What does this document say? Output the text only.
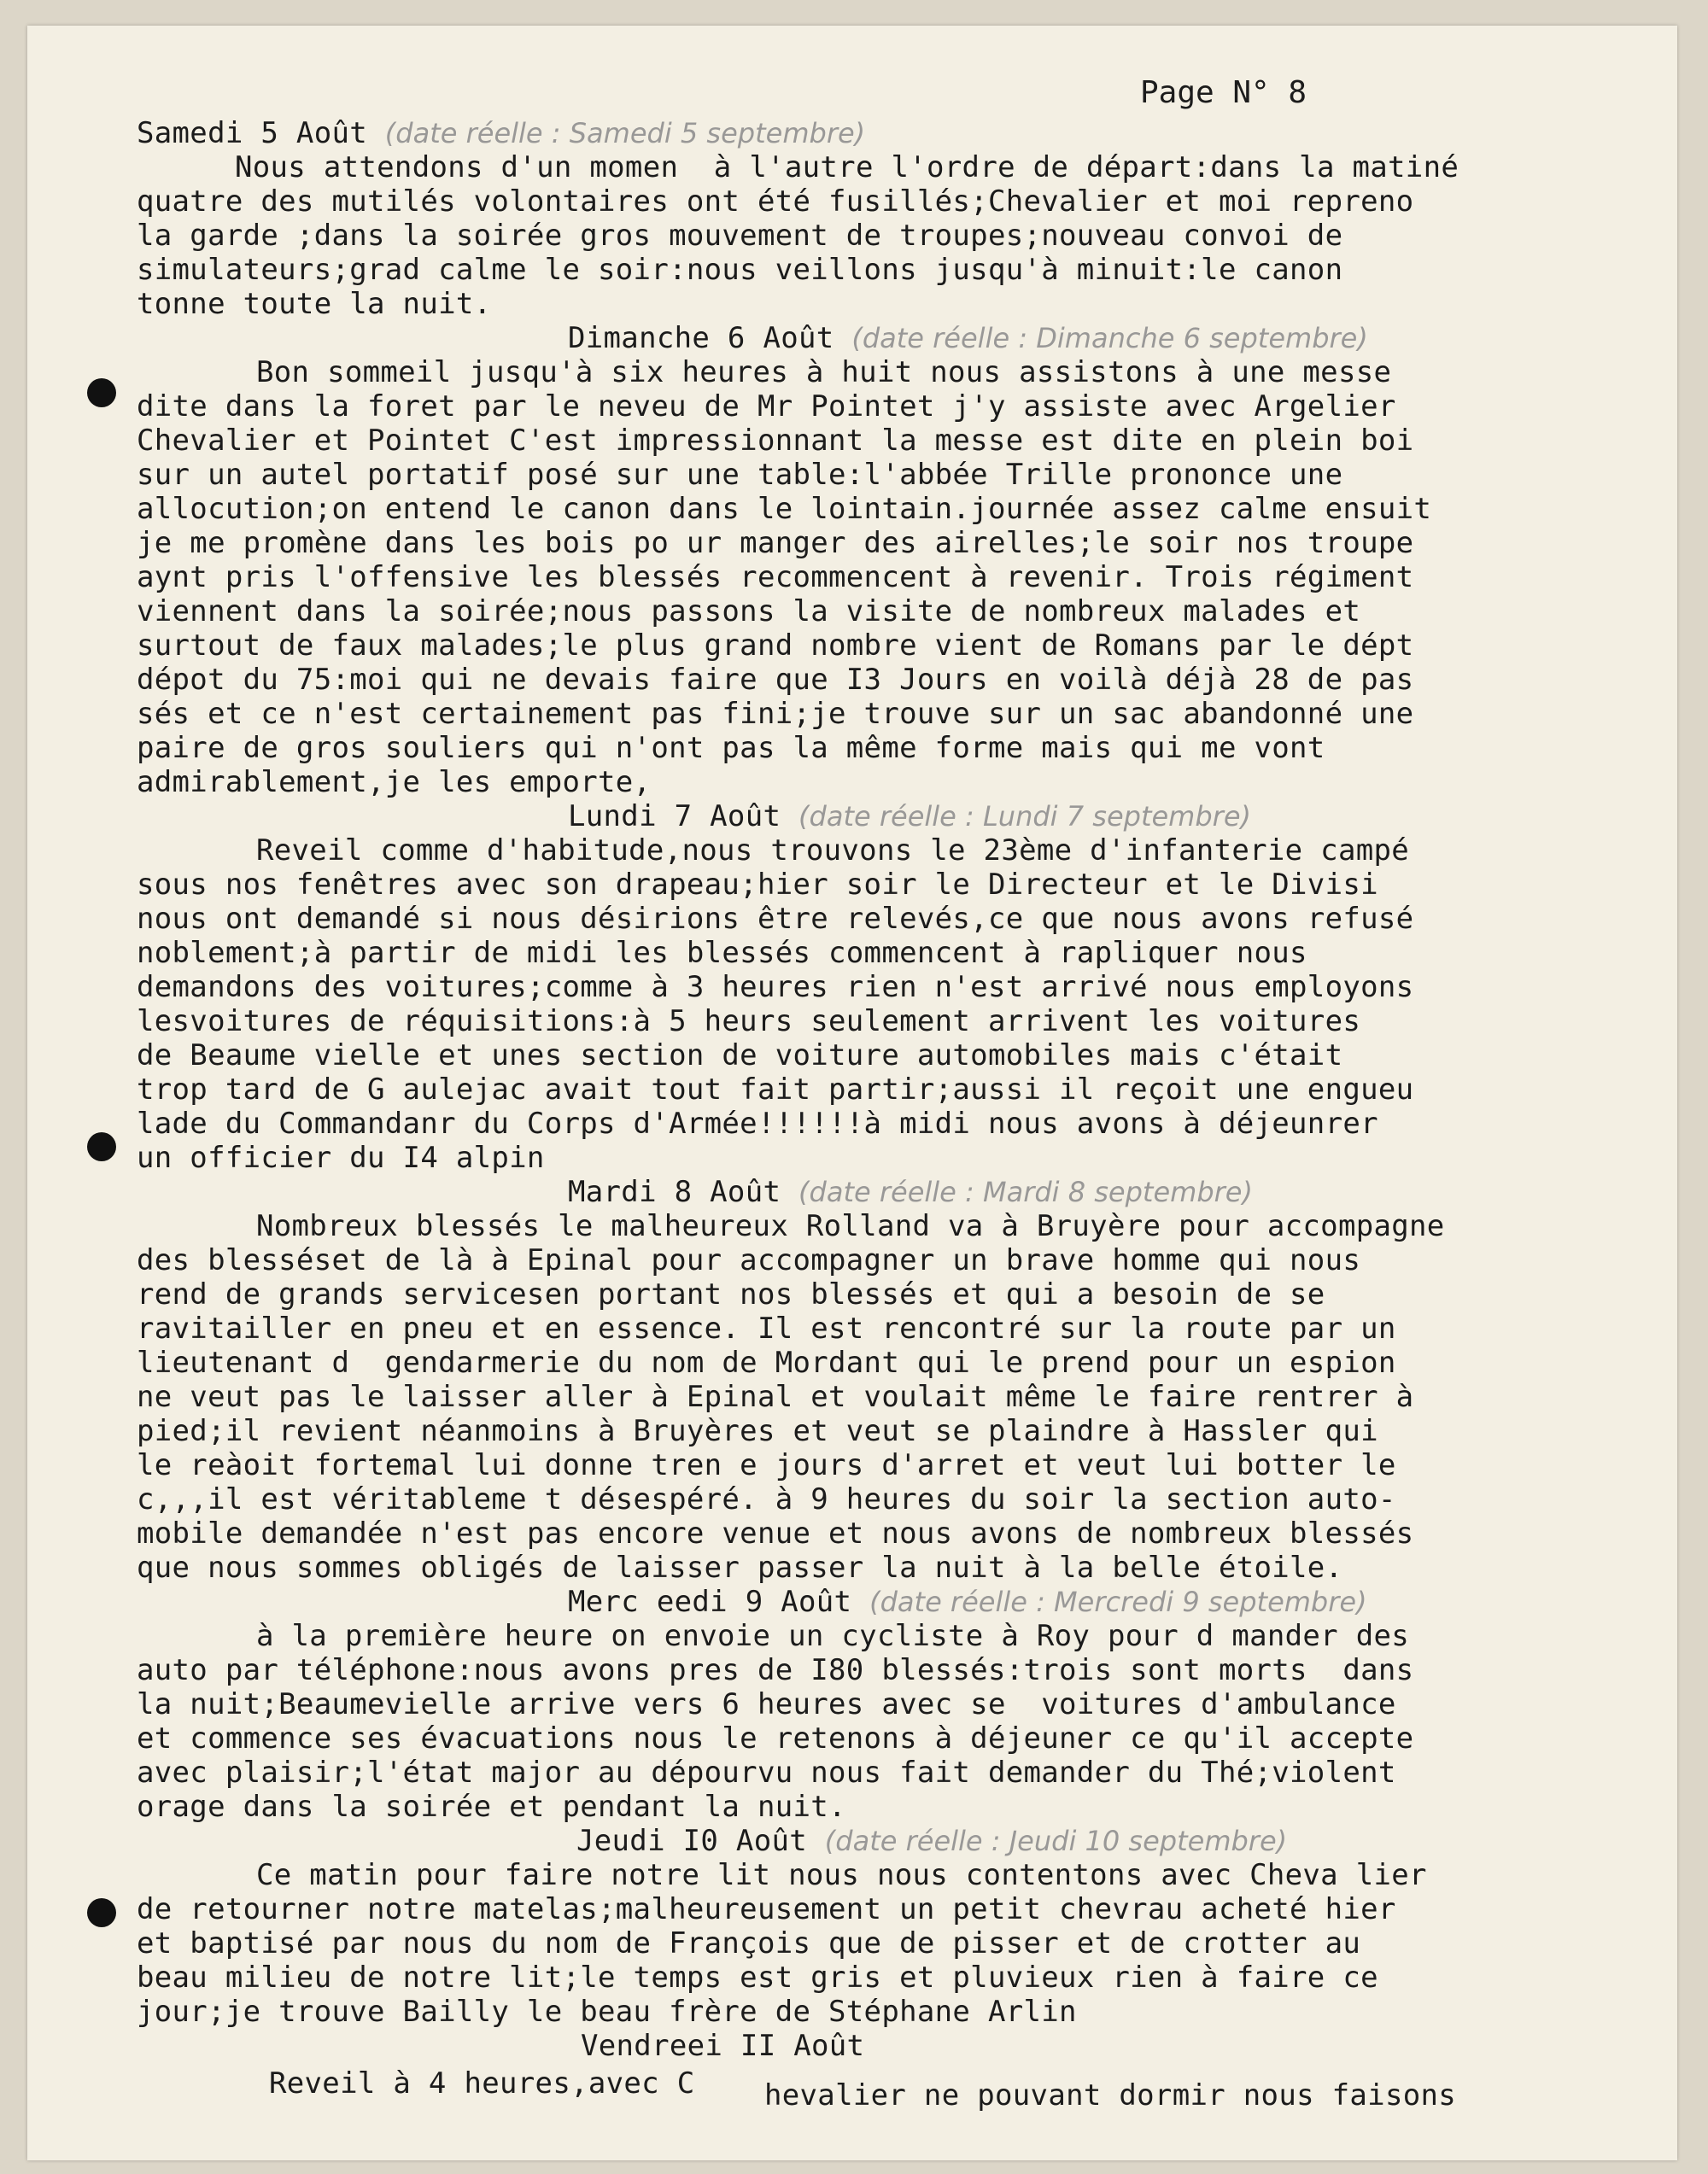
Page N° 8
Samedi 5 Août (date réelle : Samedi 5 septembre)
Nous attendons d'un momen  à l'autre l'ordre de départ:dans la matiné
quatre des mutilés volontaires ont été fusillés;Chevalier et moi repreno
la garde ;dans la soirée gros mouvement de troupes;nouveau convoi de
simulateurs;grad calme le soir:nous veillons jusqu'à minuit:le canon
tonne toute la nuit.
Dimanche 6 Août (date réelle : Dimanche 6 septembre)
Bon sommeil jusqu'à six heures à huit nous assistons à une messe
dite dans la foret par le neveu de Mr Pointet j'y assiste avec Argelier
Chevalier et Pointet C'est impressionnant la messe est dite en plein boi
sur un autel portatif posé sur une table:l'abbée Trille prononce une
allocution;on entend le canon dans le lointain.journée assez calme ensuit
je me promène dans les bois po ur manger des airelles;le soir nos troupe
aynt pris l'offensive les blessés recommencent à revenir. Trois régiment
viennent dans la soirée;nous passons la visite de nombreux malades et
surtout de faux malades;le plus grand nombre vient de Romans par le dépt
dépot du 75:moi qui ne devais faire que I3 Jours en voilà déjà 28 de pas
sés et ce n'est certainement pas fini;je trouve sur un sac abandonné une
paire de gros souliers qui n'ont pas la même forme mais qui me vont
admirablement,je les emporte,
Lundi 7 Août (date réelle : Lundi 7 septembre)
Reveil comme d'habitude,nous trouvons le 23ème d'infanterie campé
sous nos fenêtres avec son drapeau;hier soir le Directeur et le Divisi
nous ont demandé si nous désirions être relevés,ce que nous avons refusé
noblement;à partir de midi les blessés commencent à rapliquer nous
demandons des voitures;comme à 3 heures rien n'est arrivé nous employons
lesvoitures de réquisitions:à 5 heurs seulement arrivent les voitures
de Beaume vielle et unes section de voiture automobiles mais c'était
trop tard de G aulejac avait tout fait partir;aussi il reçoit une engueu
lade du Commandanr du Corps d'Armée!!!!!!à midi nous avons à déjeunrer
un officier du I4 alpin
Mardi 8 Août (date réelle : Mardi 8 septembre)
Nombreux blessés le malheureux Rolland va à Bruyère pour accompagne
des blesséset de là à Epinal pour accompagner un brave homme qui nous
rend de grands servicesen portant nos blessés et qui a besoin de se
ravitailler en pneu et en essence. Il est rencontré sur la route par un
lieutenant d  gendarmerie du nom de Mordant qui le prend pour un espion
ne veut pas le laisser aller à Epinal et voulait même le faire rentrer à
pied;il revient néanmoins à Bruyères et veut se plaindre à Hassler qui
le reàoit fortemal lui donne tren e jours d'arret et veut lui botter le
c,,,il est véritableme t désespéré. à 9 heures du soir la section auto-
mobile demandée n'est pas encore venue et nous avons de nombreux blessés
que nous sommes obligés de laisser passer la nuit à la belle étoile.
Merc eedi 9 Août (date réelle : Mercredi 9 septembre)
à la première heure on envoie un cycliste à Roy pour d mander des
auto par téléphone:nous avons pres de I80 blessés:trois sont morts  dans
la nuit;Beaumevielle arrive vers 6 heures avec se  voitures d'ambulance
et commence ses évacuations nous le retenons à déjeuner ce qu'il accepte
avec plaisir;l'état major au dépourvu nous fait demander du Thé;violent
orage dans la soirée et pendant la nuit.
Jeudi I0 Août (date réelle : Jeudi 10 septembre)
Ce matin pour faire notre lit nous nous contentons avec Cheva lier
de retourner notre matelas;malheureusement un petit chevrau acheté hier
et baptisé par nous du nom de François que de pisser et de crotter au
beau milieu de notre lit;le temps est gris et pluvieux rien à faire ce
jour;je trouve Bailly le beau frère de Stéphane Arlin
Vendreei II Août
Reveil à 4 heures,avec C hevalier ne pouvant dormir nous faisons
